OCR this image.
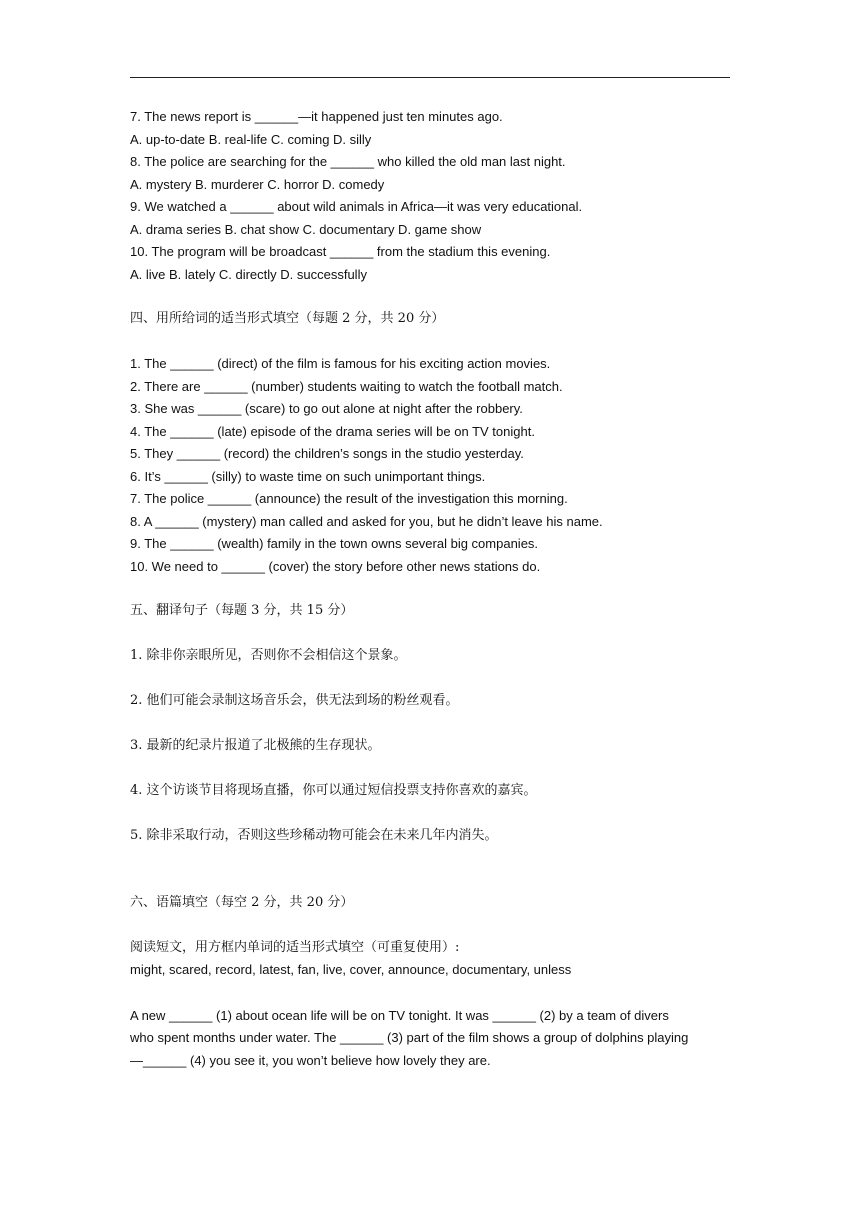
7. The news report is ______—it happened just ten minutes ago.
A. up-to-date B. real-life C. coming D. silly
8. The police are searching for the ______ who killed the old man last night.
A. mystery B. murderer C. horror D. comedy
9. We watched a ______ about wild animals in Africa—it was very educational.
A. drama series B. chat show C. documentary D. game show
10. The program will be broadcast ______ from the stadium this evening.
A. live B. lately C. directly D. successfully
四、用所给词的适当形式填空（每题 2 分，共 20 分）
1. The ______ (direct) of the film is famous for his exciting action movies.
2. There are ______ (number) students waiting to watch the football match.
3. She was ______ (scare) to go out alone at night after the robbery.
4. The ______ (late) episode of the drama series will be on TV tonight.
5. They ______ (record) the children’s songs in the studio yesterday.
6. It’s ______ (silly) to waste time on such unimportant things.
7. The police ______ (announce) the result of the investigation this morning.
8. A ______ (mystery) man called and asked for you, but he didn’t leave his name.
9. The ______ (wealth) family in the town owns several big companies.
10. We need to ______ (cover) the story before other news stations do.
五、翻译句子（每题 3 分，共 15 分）
1. 除非你亲眼所见，否则你不会相信这个景象。
2. 他们可能会录制这场音乐会，供无法到场的粉丝观看。
3. 最新的纪录片报道了北极熊的生存现状。
4. 这个访谈节目将现场直播，你可以通过短信投票支持你喜欢的嘉宾。
5. 除非采取行动，否则这些珍稀动物可能会在未来几年内消失。
六、语篇填空（每空 2 分，共 20 分）
阅读短文，用方框内单词的适当形式填空（可重复使用）:
might, scared, record, latest, fan, live, cover, announce, documentary, unless
A new ______ (1) about ocean life will be on TV tonight. It was ______ (2) by a team of divers
who spent months under water. The ______ (3) part of the film shows a group of dolphins playing
—______ (4) you see it, you won’t believe how lovely they are.
